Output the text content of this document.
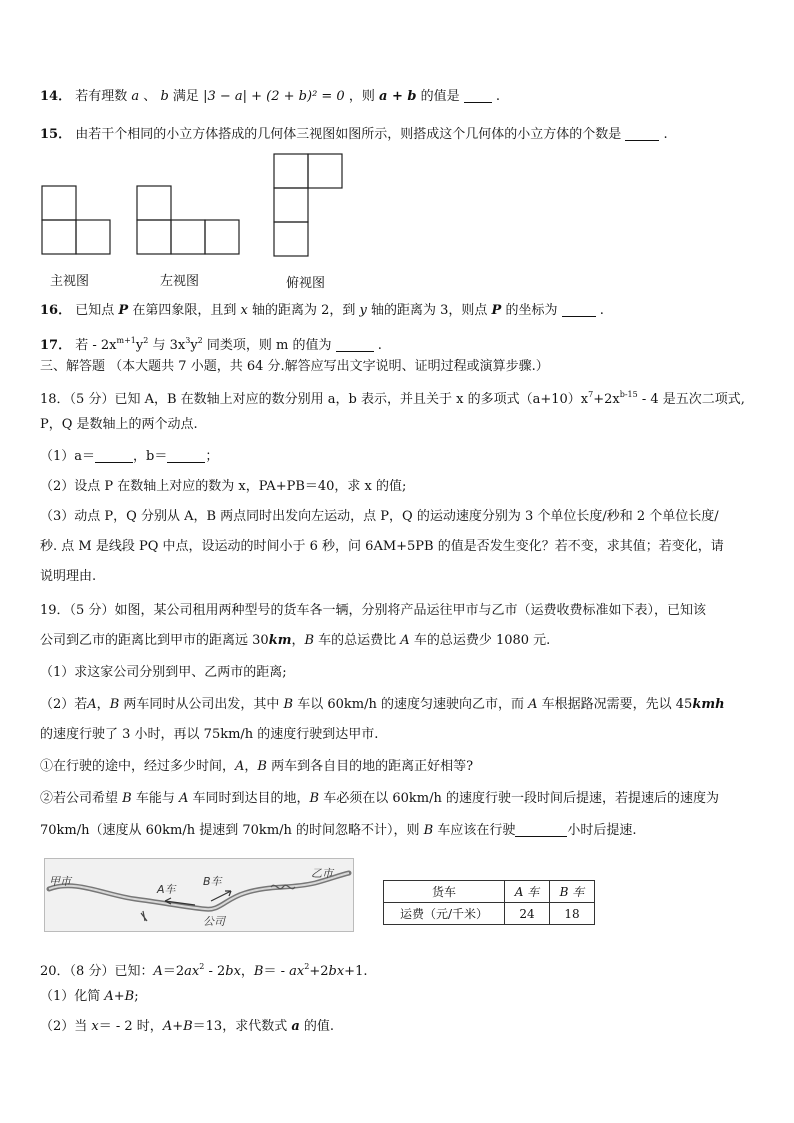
14． 若有理数 a 、 b 满足 |3 − a| + (2 + b)² = 0 ，则 a + b 的值是	.
15． 由若干个相同的小立方体搭成的几何体三视图如图所示，则搭成这个几何体的小立方体的个数是	.
主视图	左视图	俯视图
16． 已知点 P 在第四象限，且到 x 轴的距离为 2，到 y 轴的距离为 3，则点 P 的坐标为	.
17． 若 - $2x^{m+1}y^2$ 与 $3x^3y^2$ 同类项，则 m 的值为	.
三、解答题 （本大题共 7 小题，共 64 分.解答应写出文字说明、证明过程或演算步骤.）
18．（5 分）已知 A，B 在数轴上对应的数分别用 a，b 表示，并且关于 x 的多项式$(a+10)x^7+2x^{b-15} - 4$ 是五次二项式,
P，Q 是数轴上的两个动点.
（1）a＝	，b＝	；
（2）设点 P 在数轴上对应的数为 x，PA+PB＝40，求 x 的值;
（3）动点 P，Q 分别从 A，B 两点同时出发向左运动，点 P，Q 的运动速度分别为 3 个单位长度/秒和 2 个单位长度/
秒. 点 M 是线段 PQ 中点，设运动的时间小于 6 秒，问 6AM+5PB 的值是否发生变化？若不变，求其值；若变化，请
说明理由.
19．（5 分）如图，某公司租用两种型号的货车各一辆，分别将产品运往甲市与乙市（运费收费标准如下表），已知该
公司到乙市的距离比到甲市的距离远 30km，B 车的总运费比 A 车的总运费少 1080 元.
（1）求这家公司分别到甲、乙两市的距离;
（2）若A，B 两车同时从公司出发，其中 B 车以 60km/h 的速度匀速驶向乙市，而 A 车根据路况需要，先以 45kmh
的速度行驶了 3 小时，再以 75km/h 的速度行驶到达甲市.
①在行驶的途中，经过多少时间，A，B 两车到各自目的地的距离正好相等?
②若公司希望 B 车能与 A 车同时到达目的地，B 车必须在以 60km/h 的速度行驶一段时间后提速，若提速后的速度为
70km/h（速度从 60km/h 提速到 70km/h 的时间忽略不计），则 B 车应该在行驶	小时后提速.
甲市
A车
B车
公司
乙市
货车	A 车	B 车
运费（元/千米）	24	18
20．（8 分）已知：$A=2ax^2 - 2bx$，$B= - ax^2+2bx+1$.
（1）化简 A+B;
（2）当 x＝ - 2 时，A+B＝13，求代数式 a 的值.
